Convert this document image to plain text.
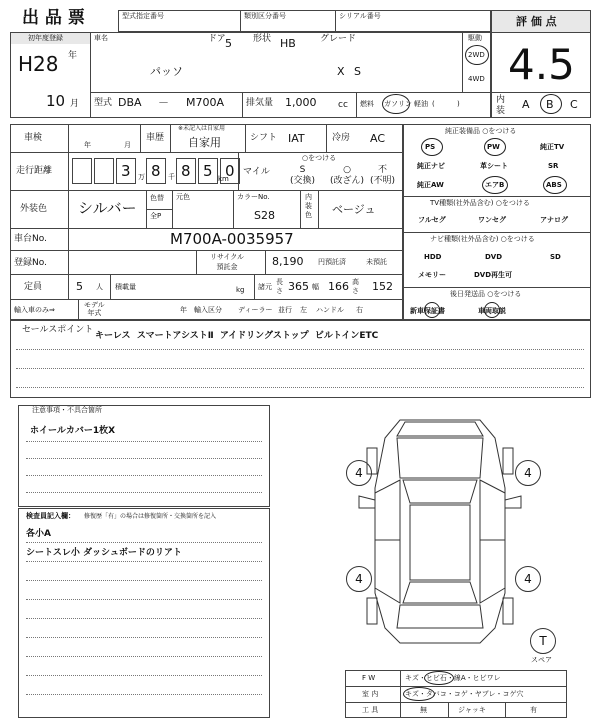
出 品 票	型式指定番号	類別区分番号	シリアル番号	評 価 点
4.5
内
装 A B C
初年度登録
H28 年
10 月
車名	ドア 5 形状 HB	グレード
パッソ	X S
駆動
2WD
4WD
型式 DBA － M700A 排気量 1,000 cc 燃料 ガソリン 軽油 (          )
車検
年	月
車歴
※未記入は自家用
自家用	シフト IAT	冷房 AC
走行距離	3 万 8 千 8 5 0
km
マイル
○をつける
S
(交換)
○
(改ざん)
不
(不明)
外装色 シルバー
色替
全P
元色	カラーNo.
S28
内
装
色 ベージュ
車台No.	M700A-0035957
登録No.
リサイクル
預託金	8,190 円預託済	未預託
定員	5 人 積載量	kg 諸元
長さ 365 幅 166 高さ 152
輸入車のみ⇒
モデル
年式	年 輸入区分 ディーラー 並行 左 ハンドル 右
純正装備品 ○をつける
PS	PW	純正TV
純正ナビ	革シート	SR
純正AW	エアB	ABS
TV種類(社外品含む) ○をつける
フルセグ	ワンセグ	アナログ
ナビ種類(社外品含む) ○をつける
HDD	DVD	SD
メモリー	DVD再生可
後日発送品 ○をつける
新車保証書	車両取説
セールスポイント
キーレス  スマートアシストⅡ  アイドリングストップ  ビルトインETC
注意事項・不具合箇所
ホイールカバー1枚X
検査員記入欄： 修復歴「有」の場合は修復箇所・交換箇所を記入
各小A
シートスレ小 ダッシュボードのリアト
4	4
4	4
T
スペア
F W	キズ・ヒビ石・線A・ヒビワレ
室 内	キズ・タバコ・コゲ・ヤブレ・コゲ穴
工 具	無	ジャッキ	有
